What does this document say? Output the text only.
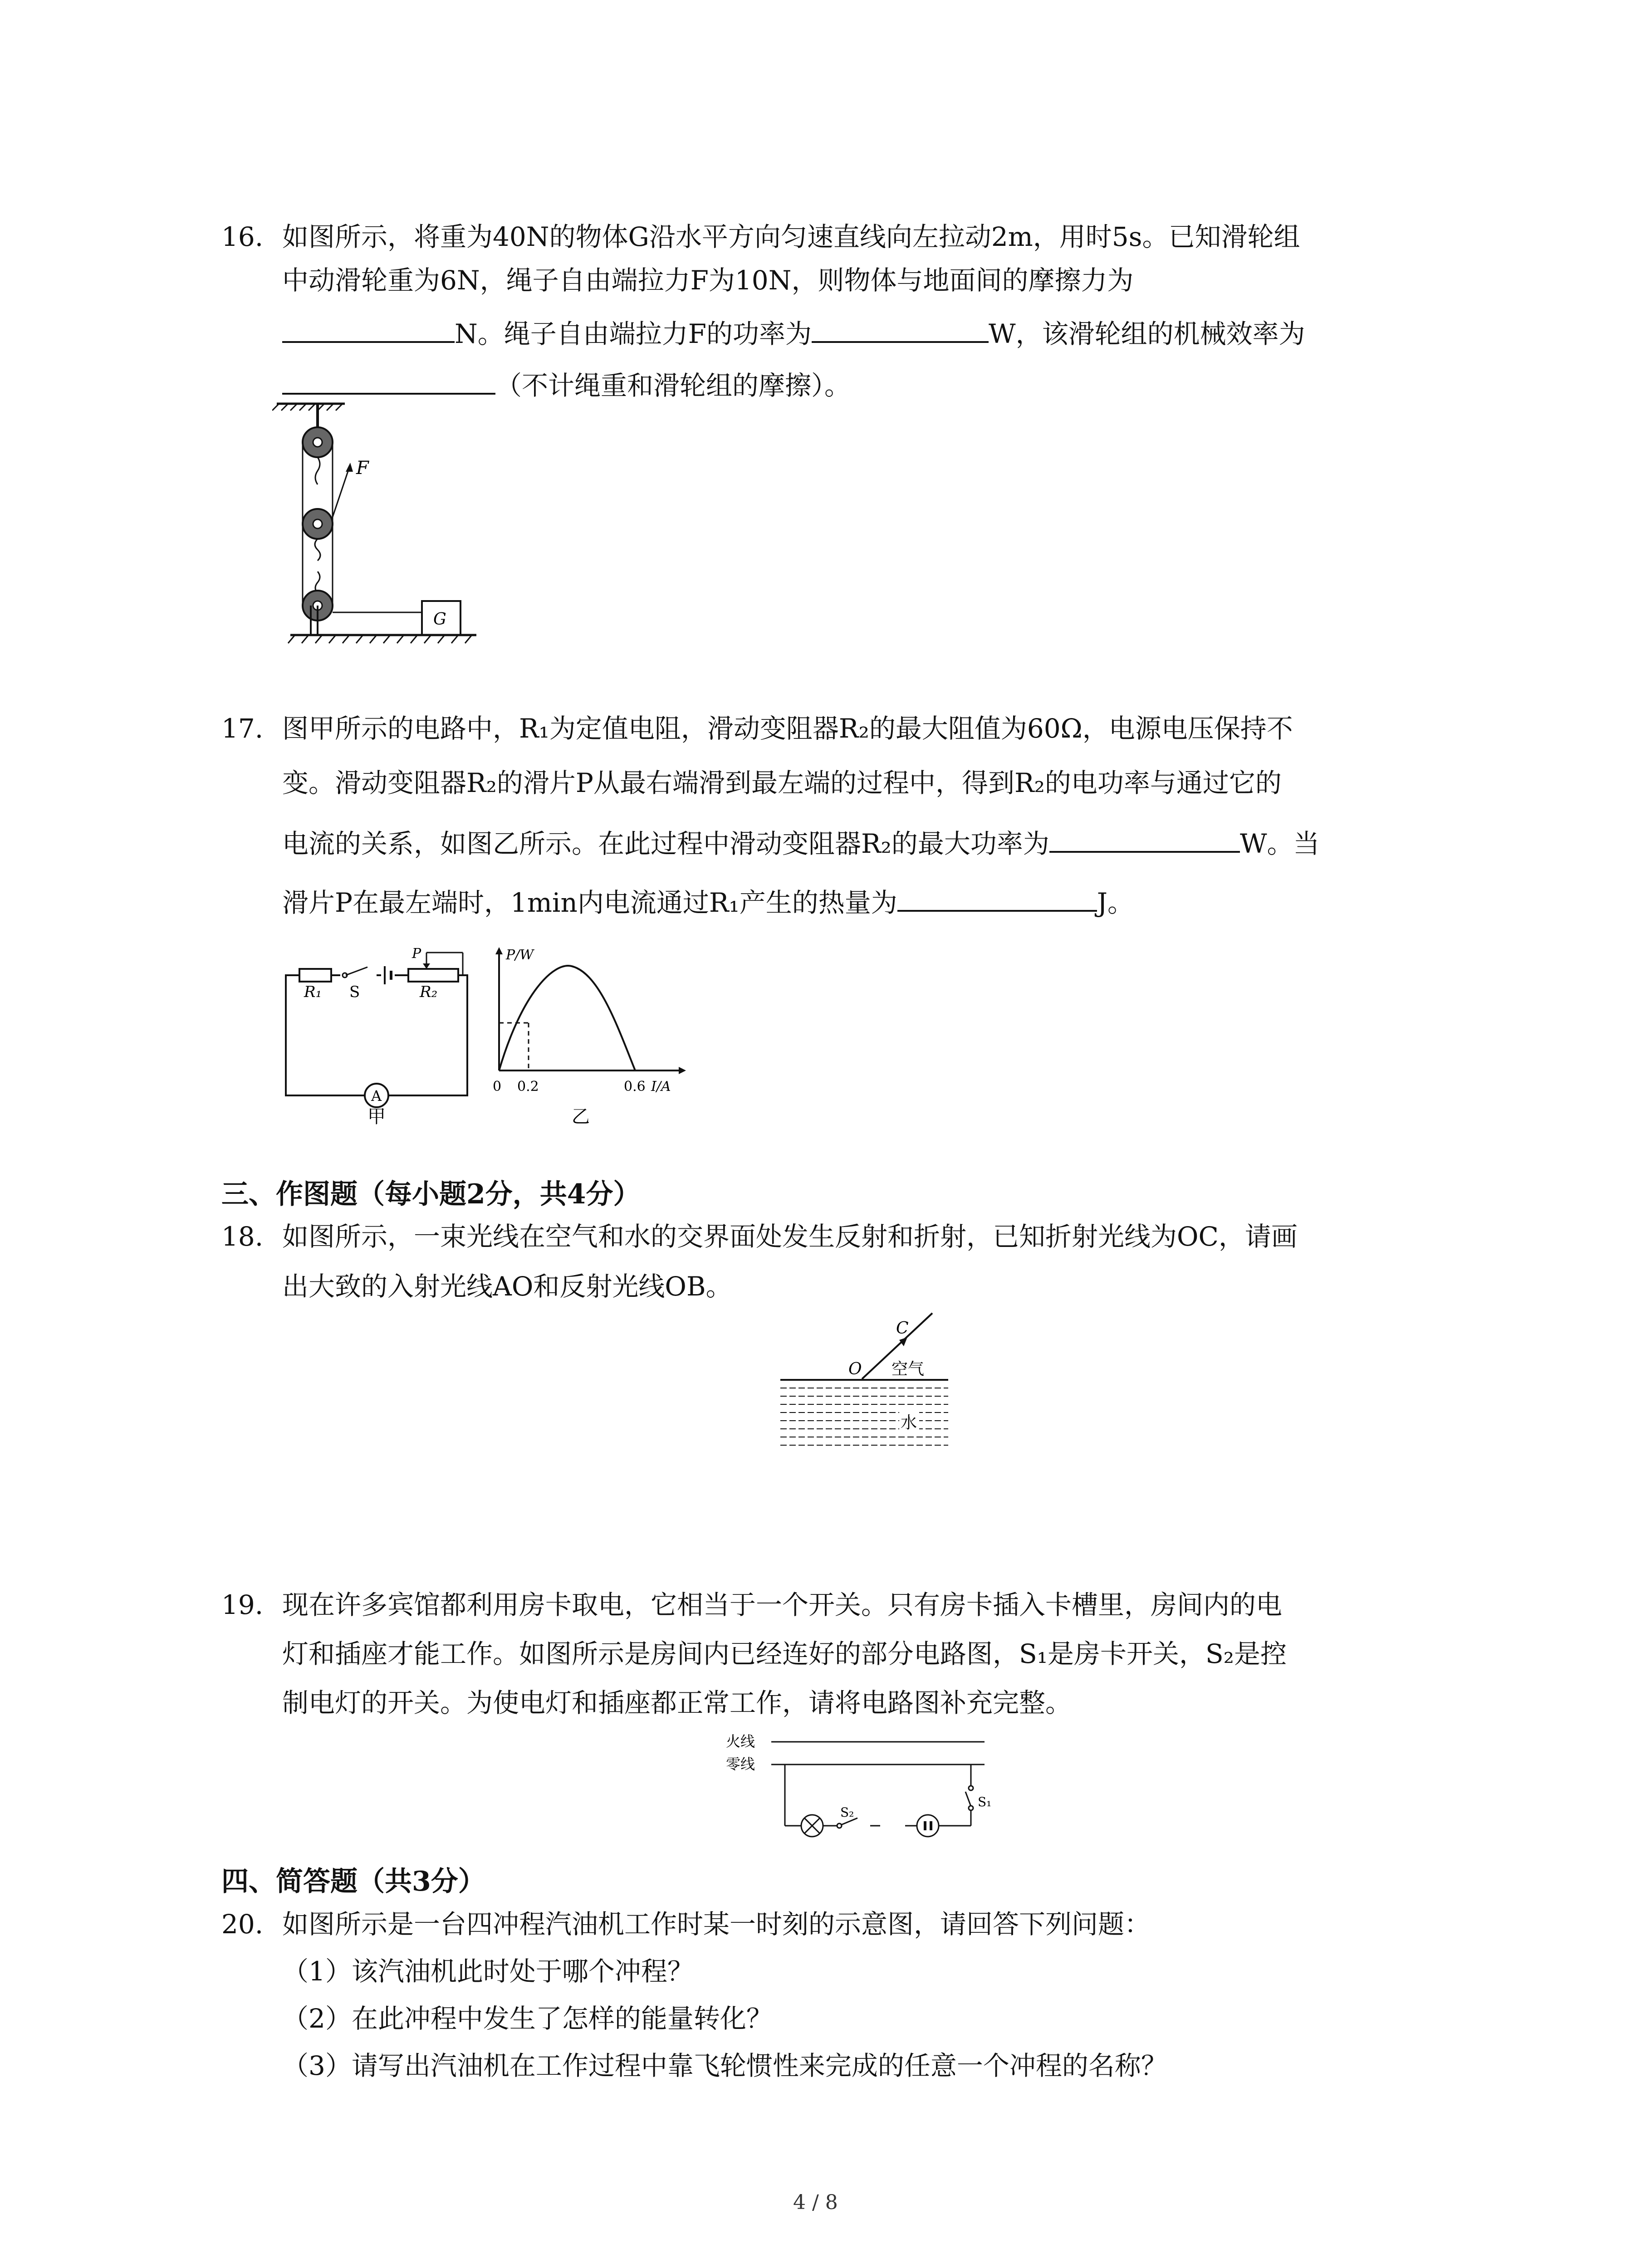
16. 如图所示，将重为40N的物体G沿水平方向匀速直线向左拉动2m，用时5s。已知滑轮组
中动滑轮重为6N，绳子自由端拉力F为10N，则物体与地面间的摩擦力为
N。绳子自由端拉力F的功率为	W，该滑轮组的机械效率为
（不计绳重和滑轮组的摩擦）。
F
G
17. 图甲所示的电路中，R₁为定值电阻，滑动变阻器R₂的最大阻值为60Ω，电源电压保持不
变。滑动变阻器R₂的滑片P从最右端滑到最左端的过程中，得到R₂的电功率与通过它的
电流的关系，如图乙所示。在此过程中滑动变阻器R₂的最大功率为	W。当
滑片P在最左端时，1min内电流通过R₁产生的热量为	J。
R₁ S	R₂
P
A
甲
P/W
0 0.2	0.6 I/A
乙
三、作图题（每小题2分，共4分）
18. 如图所示，一束光线在空气和水的交界面处发生反射和折射，已知折射光线为OC，请画
出大致的入射光线AO和反射光线OB。
C
O 空气
水
19. 现在许多宾馆都利用房卡取电，它相当于一个开关。只有房卡插入卡槽里，房间内的电
灯和插座才能工作。如图所示是房间内已经连好的部分电路图，S₁是房卡开关，S₂是控
制电灯的开关。为使电灯和插座都正常工作，请将电路图补充完整。
火线
零线
S₂
S₁
四、简答题（共3分）
20. 如图所示是一台四冲程汽油机工作时某一时刻的示意图，请回答下列问题：
（1）该汽油机此时处于哪个冲程？
（2）在此冲程中发生了怎样的能量转化？
（3）请写出汽油机在工作过程中靠飞轮惯性来完成的任意一个冲程的名称？
4 / 8
